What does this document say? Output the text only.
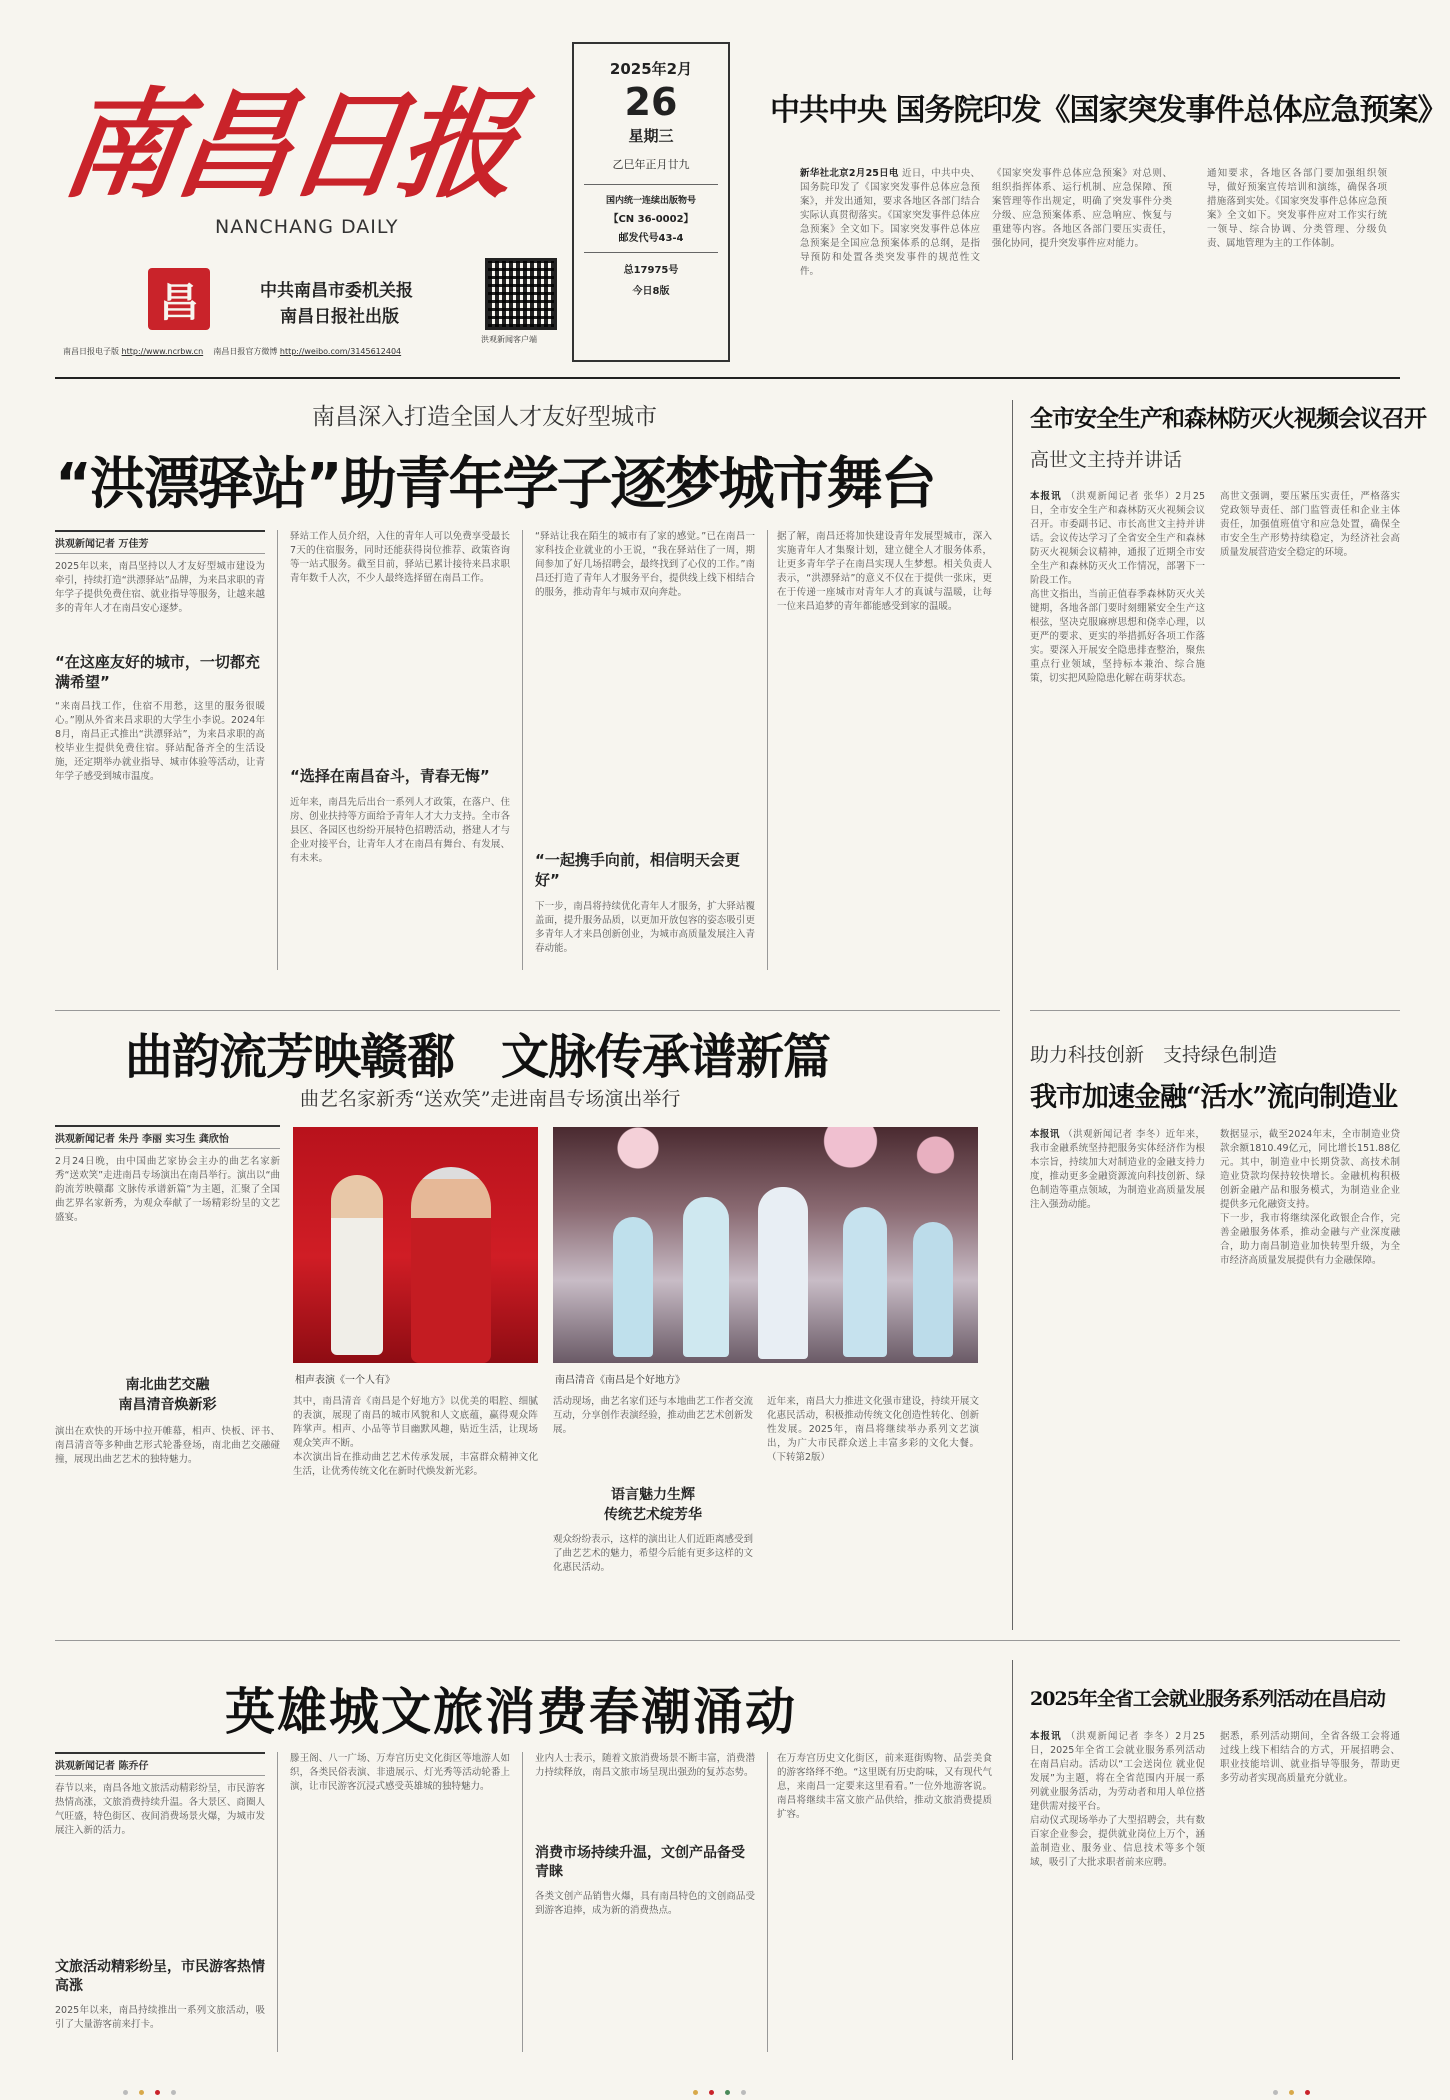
南昌日报
NANCHANG DAILY
昌	中共南昌市委机关报
南昌日报社出版
南昌日报电子版 http://www.ncrbw.cn 南昌日报官方微博 http://weibo.com/3145612404
洪观新闻客户端
2025年2月
26
星期三
乙巳年正月廿九
国内统一连续出版物号
【CN 36-0002】
邮发代号43-4
总17975号
今日8版
中共中央 国务院印发《国家突发事件总体应急预案》
新华社北京2月25日电 近日，中共中央、国务院印发了《国家突发事件总体应急预案》，并发出通知，要求各地区各部门结合实际认真贯彻落实。《国家突发事件总体应急预案》全文如下。国家突发事件总体应急预案是全国应急预案体系的总纲，是指导预防和处置各类突发事件的规范性文件。
《国家突发事件总体应急预案》对总则、组织指挥体系、运行机制、应急保障、预案管理等作出规定，明确了突发事件分类分级、应急预案体系、应急响应、恢复与重建等内容。各地区各部门要压实责任，强化协同，提升突发事件应对能力。
通知要求，各地区各部门要加强组织领导，做好预案宣传培训和演练，确保各项措施落到实处。《国家突发事件总体应急预案》全文如下。突发事件应对工作实行统一领导、综合协调、分类管理、分级负责、属地管理为主的工作体制。
南昌深入打造全国人才友好型城市
“洪漂驿站”助青年学子逐梦城市舞台
洪观新闻记者 万佳芳
2025年以来，南昌坚持以人才友好型城市建设为牵引，持续打造“洪漂驿站”品牌，为来昌求职的青年学子提供免费住宿、就业指导等服务，让越来越多的青年人才在南昌安心逐梦。
“在这座友好的城市，一切都充满希望”
“来南昌找工作，住宿不用愁，这里的服务很暖心。”刚从外省来昌求职的大学生小李说。2024年8月，南昌正式推出“洪漂驿站”，为来昌求职的高校毕业生提供免费住宿。驿站配备齐全的生活设施，还定期举办就业指导、城市体验等活动，让青年学子感受到城市温度。
驿站工作人员介绍，入住的青年人可以免费享受最长7天的住宿服务，同时还能获得岗位推荐、政策咨询等一站式服务。截至目前，驿站已累计接待来昌求职青年数千人次，不少人最终选择留在南昌工作。
“选择在南昌奋斗，青春无悔”
近年来，南昌先后出台一系列人才政策，在落户、住房、创业扶持等方面给予青年人才大力支持。全市各县区、各园区也纷纷开展特色招聘活动，搭建人才与企业对接平台，让青年人才在南昌有舞台、有发展、有未来。
“驿站让我在陌生的城市有了家的感觉。”已在南昌一家科技企业就业的小王说，“我在驿站住了一周，期间参加了好几场招聘会，最终找到了心仪的工作。”南昌还打造了青年人才服务平台，提供线上线下相结合的服务，推动青年与城市双向奔赴。
“一起携手向前，相信明天会更好”
下一步，南昌将持续优化青年人才服务，扩大驿站覆盖面，提升服务品质，以更加开放包容的姿态吸引更多青年人才来昌创新创业，为城市高质量发展注入青春动能。
据了解，南昌还将加快建设青年发展型城市，深入实施青年人才集聚计划，建立健全人才服务体系，让更多青年学子在南昌实现人生梦想。相关负责人表示，“洪漂驿站”的意义不仅在于提供一张床，更在于传递一座城市对青年人才的真诚与温暖，让每一位来昌追梦的青年都能感受到家的温暖。
全市安全生产和森林防灭火视频会议召开
高世文主持并讲话
本报讯 （洪观新闻记者 张华）2月25日，全市安全生产和森林防灭火视频会议召开。市委副书记、市长高世文主持并讲话。会议传达学习了全省安全生产和森林防灭火视频会议精神，通报了近期全市安全生产和森林防灭火工作情况，部署下一阶段工作。
高世文指出，当前正值春季森林防灭火关键期，各地各部门要时刻绷紧安全生产这根弦，坚决克服麻痹思想和侥幸心理，以更严的要求、更实的举措抓好各项工作落实。要深入开展安全隐患排查整治，聚焦重点行业领域，坚持标本兼治、综合施策，切实把风险隐患化解在萌芽状态。
高世文强调，要压紧压实责任，严格落实党政领导责任、部门监管责任和企业主体责任，加强值班值守和应急处置，确保全市安全生产形势持续稳定，为经济社会高质量发展营造安全稳定的环境。
曲韵流芳映赣鄱　文脉传承谱新篇
曲艺名家新秀“送欢笑”走进南昌专场演出举行
洪观新闻记者 朱丹 李丽 实习生 龚欣怡
2月24日晚，由中国曲艺家协会主办的曲艺名家新秀“送欢笑”走进南昌专场演出在南昌举行。演出以“曲韵流芳映赣鄱 文脉传承谱新篇”为主题，汇聚了全国曲艺界名家新秀，为观众奉献了一场精彩纷呈的文艺盛宴。
南北曲艺交融
南昌清音焕新彩
演出在欢快的开场中拉开帷幕，相声、快板、评书、南昌清音等多种曲艺形式轮番登场，南北曲艺交融碰撞，展现出曲艺艺术的独特魅力。
相声表演《一个人有》	南昌清音《南昌是个好地方》
其中，南昌清音《南昌是个好地方》以优美的唱腔、细腻的表演，展现了南昌的城市风貌和人文底蕴，赢得观众阵阵掌声。相声、小品等节目幽默风趣，贴近生活，让现场观众笑声不断。
本次演出旨在推动曲艺艺术传承发展，丰富群众精神文化生活，让优秀传统文化在新时代焕发新光彩。
活动现场，曲艺名家们还与本地曲艺工作者交流互动，分享创作表演经验，推动曲艺艺术创新发展。
语言魅力生辉
传统艺术绽芳华
观众纷纷表示，这样的演出让人们近距离感受到了曲艺艺术的魅力，希望今后能有更多这样的文化惠民活动。
近年来，南昌大力推进文化强市建设，持续开展文化惠民活动，积极推动传统文化创造性转化、创新性发展。2025年，南昌将继续举办系列文艺演出，为广大市民群众送上丰富多彩的文化大餐。（下转第2版）
助力科技创新　支持绿色制造
我市加速金融“活水”流向制造业
本报讯 （洪观新闻记者 李冬）近年来，我市金融系统坚持把服务实体经济作为根本宗旨，持续加大对制造业的金融支持力度，推动更多金融资源流向科技创新、绿色制造等重点领域，为制造业高质量发展注入强劲动能。
数据显示，截至2024年末，全市制造业贷款余额1810.49亿元，同比增长151.88亿元。其中，制造业中长期贷款、高技术制造业贷款均保持较快增长。金融机构积极创新金融产品和服务模式，为制造业企业提供多元化融资支持。
下一步，我市将继续深化政银企合作，完善金融服务体系，推动金融与产业深度融合，助力南昌制造业加快转型升级，为全市经济高质量发展提供有力金融保障。
英雄城文旅消费春潮涌动
洪观新闻记者 陈乔仔
春节以来，南昌各地文旅活动精彩纷呈，市民游客热情高涨，文旅消费持续升温。各大景区、商圈人气旺盛，特色街区、夜间消费场景火爆，为城市发展注入新的活力。
文旅活动精彩纷呈，市民游客热情高涨
2025年以来，南昌持续推出一系列文旅活动，吸引了大量游客前来打卡。
滕王阁、八一广场、万寿宫历史文化街区等地游人如织，各类民俗表演、非遗展示、灯光秀等活动轮番上演，让市民游客沉浸式感受英雄城的独特魅力。
业内人士表示，随着文旅消费场景不断丰富，消费潜力持续释放，南昌文旅市场呈现出强劲的复苏态势。
消费市场持续升温，文创产品备受青睐
各类文创产品销售火爆，具有南昌特色的文创商品受到游客追捧，成为新的消费热点。
在万寿宫历史文化街区，前来逛街购物、品尝美食的游客络绎不绝。“这里既有历史韵味，又有现代气息，来南昌一定要来这里看看。”一位外地游客说。南昌将继续丰富文旅产品供给，推动文旅消费提质扩容。
2025年全省工会就业服务系列活动在昌启动
本报讯 （洪观新闻记者 李冬）2月25日，2025年全省工会就业服务系列活动在南昌启动。活动以“工会送岗位 就业促发展”为主题，将在全省范围内开展一系列就业服务活动，为劳动者和用人单位搭建供需对接平台。
启动仪式现场举办了大型招聘会，共有数百家企业参会，提供就业岗位上万个，涵盖制造业、服务业、信息技术等多个领域，吸引了大批求职者前来应聘。
据悉，系列活动期间，全省各级工会将通过线上线下相结合的方式，开展招聘会、职业技能培训、就业指导等服务，帮助更多劳动者实现高质量充分就业。
